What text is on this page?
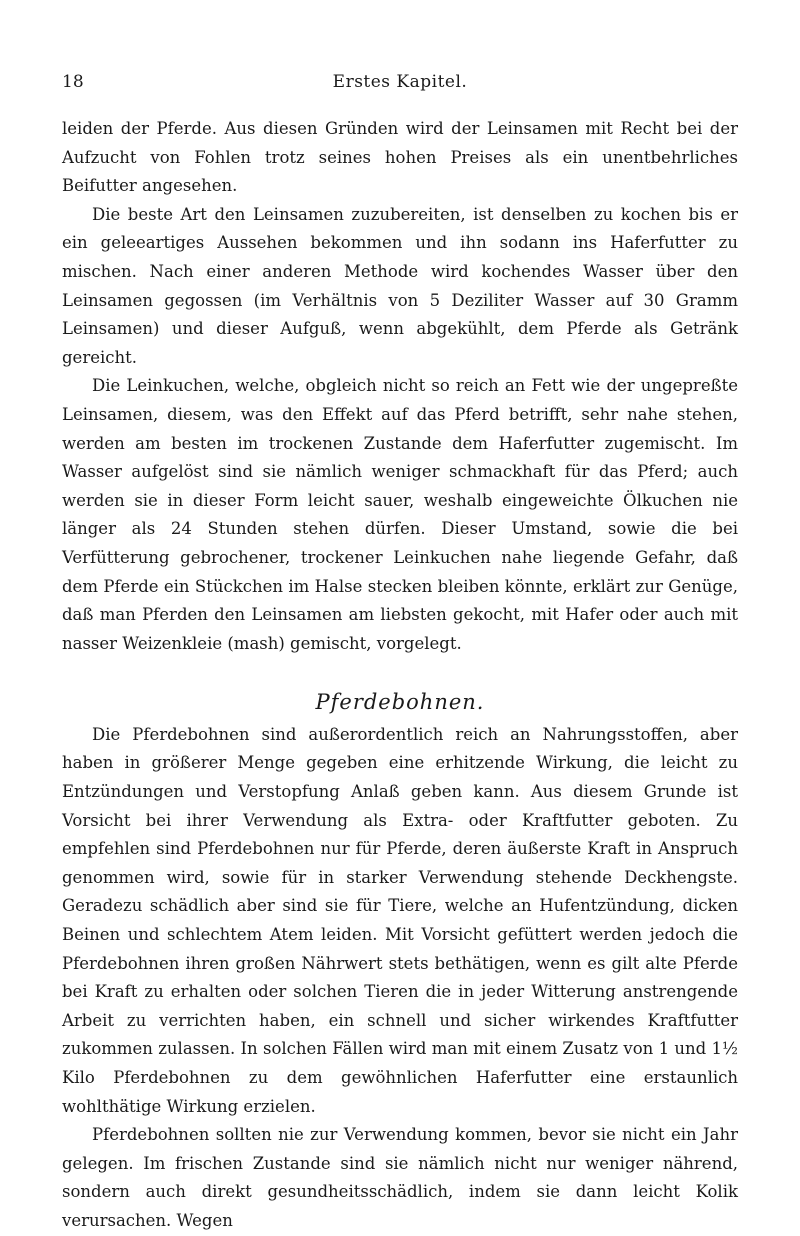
18	Erstes Kapitel.

leiden der Pferde. Aus diesen Gründen wird der Leinsamen mit Recht bei der Aufzucht von Fohlen trotz seines hohen Preises als ein unentbehrliches Beifutter angesehen.

Die beste Art den Leinsamen zuzubereiten, ist denselben zu kochen bis er ein geleeartiges Aussehen bekommen und ihn sodann ins Haferfutter zu mischen. Nach einer anderen Methode wird kochendes Wasser über den Leinsamen gegossen (im Verhältnis von 5 Deziliter Wasser auf 30 Gramm Leinsamen) und dieser Aufguß, wenn abgekühlt, dem Pferde als Getränk gereicht.

Die Leinkuchen, welche, obgleich nicht so reich an Fett wie der ungepreßte Leinsamen, diesem, was den Effekt auf das Pferd betrifft, sehr nahe stehen, werden am besten im trockenen Zustande dem Haferfutter zugemischt. Im Wasser aufgelöst sind sie nämlich weniger schmackhaft für das Pferd; auch werden sie in dieser Form leicht sauer, weshalb eingeweichte Ölkuchen nie länger als 24 Stunden stehen dürfen. Dieser Umstand, sowie die bei Verfütterung gebrochener, trockener Leinkuchen nahe liegende Gefahr, daß dem Pferde ein Stückchen im Halse stecken bleiben könnte, erklärt zur Genüge, daß man Pferden den Leinsamen am liebsten gekocht, mit Hafer oder auch mit nasser Weizenkleie (mash) gemischt, vorgelegt.

Pferdebohnen.

Die Pferdebohnen sind außerordentlich reich an Nahrungsstoffen, aber haben in größerer Menge gegeben eine erhitzende Wirkung, die leicht zu Entzündungen und Verstopfung Anlaß geben kann. Aus diesem Grunde ist Vorsicht bei ihrer Verwendung als Extra- oder Kraftfutter geboten. Zu empfehlen sind Pferdebohnen nur für Pferde, deren äußerste Kraft in Anspruch genommen wird, sowie für in starker Verwendung stehende Deckhengste. Geradezu schädlich aber sind sie für Tiere, welche an Hufentzündung, dicken Beinen und schlechtem Atem leiden. Mit Vorsicht gefüttert werden jedoch die Pferdebohnen ihren großen Nährwert stets bethätigen, wenn es gilt alte Pferde bei Kraft zu erhalten oder solchen Tieren die in jeder Witterung anstrengende Arbeit zu verrichten haben, ein schnell und sicher wirkendes Kraftfutter zukommen zulassen. In solchen Fällen wird man mit einem Zusatz von 1 und 1½ Kilo Pferdebohnen zu dem gewöhnlichen Haferfutter eine erstaunlich wohlthätige Wirkung erzielen.

Pferdebohnen sollten nie zur Verwendung kommen, bevor sie nicht ein Jahr gelegen. Im frischen Zustande sind sie nämlich nicht nur weniger nährend, sondern auch direkt gesundheitsschädlich, indem sie dann leicht Kolik verursachen. Wegen
